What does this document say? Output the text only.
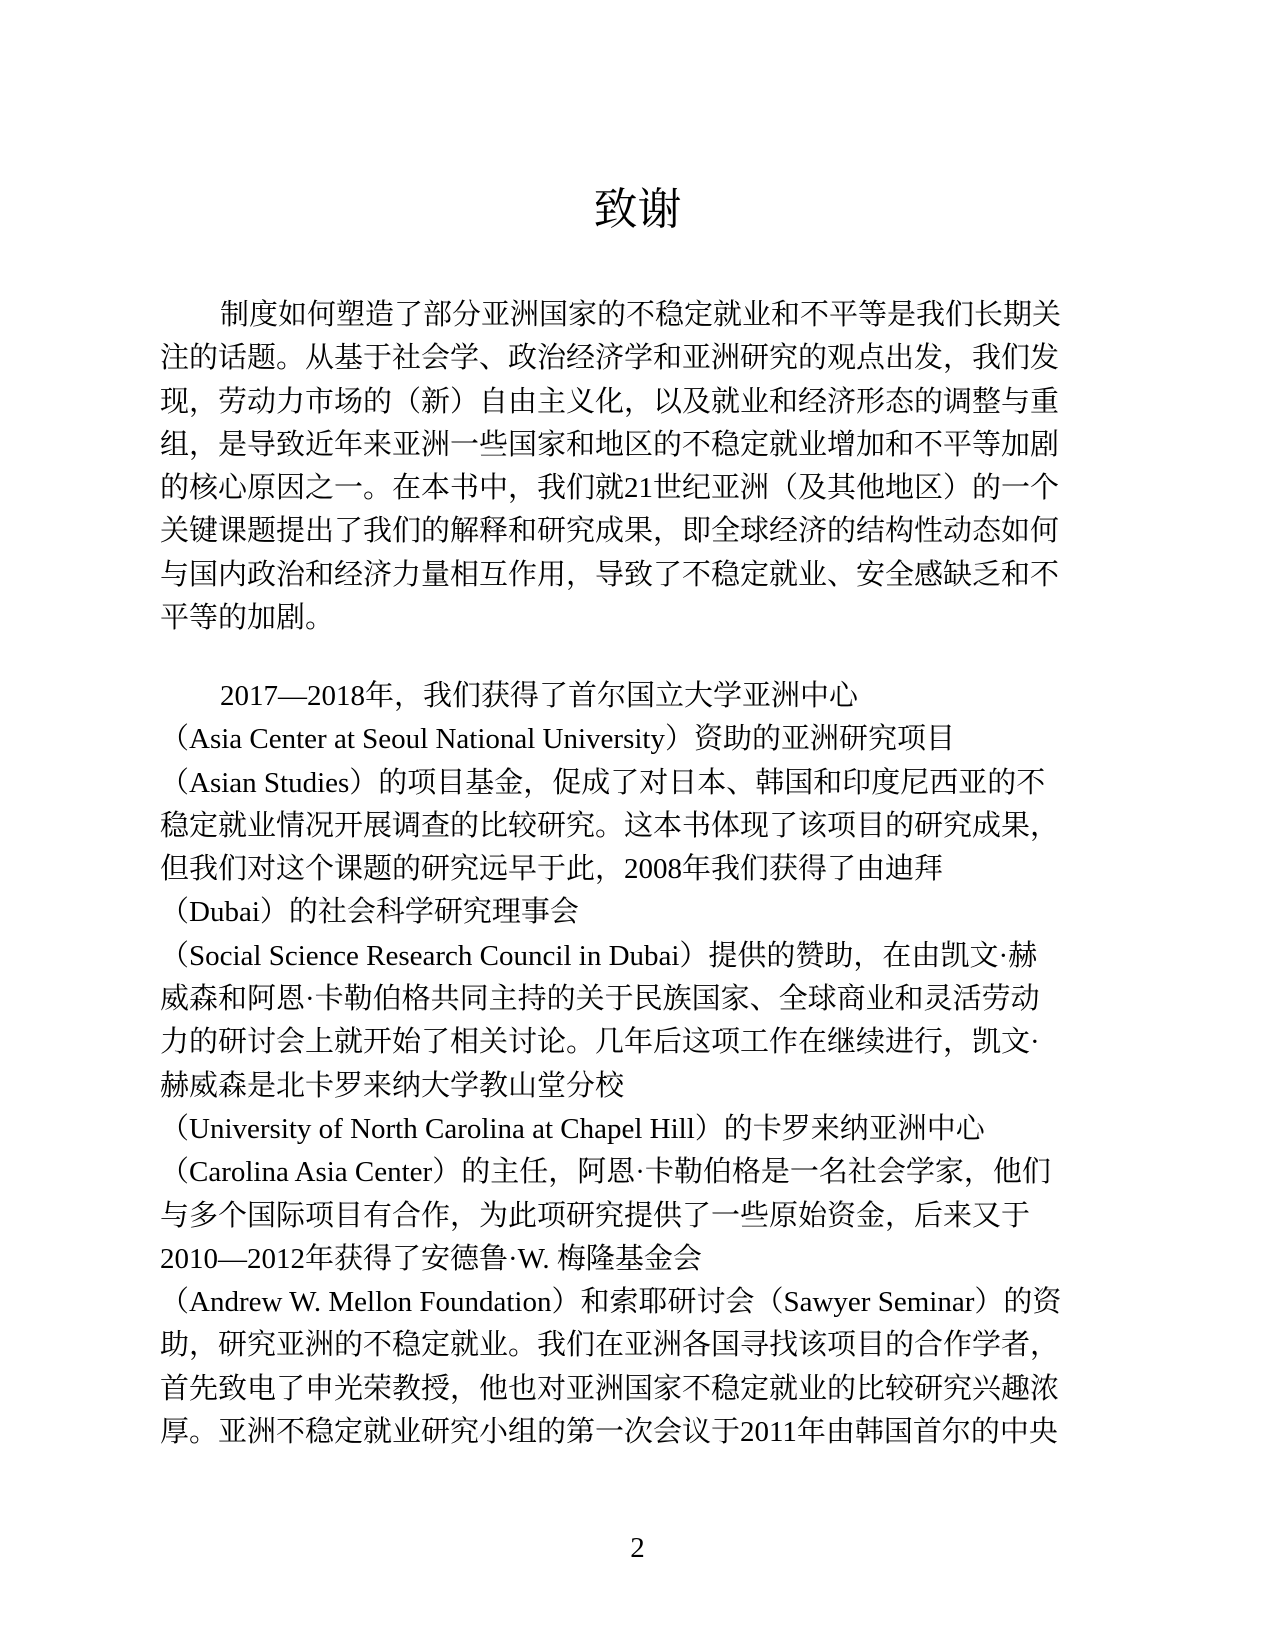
致谢
制度如何塑造了部分亚洲国家的不稳定就业和不平等是我们长期关
注的话题。从基于社会学、政治经济学和亚洲研究的观点出发，我们发
现，劳动力市场的（新）自由主义化，以及就业和经济形态的调整与重
组，是导致近年来亚洲一些国家和地区的不稳定就业增加和不平等加剧
的核心原因之一。在本书中，我们就21世纪亚洲（及其他地区）的一个
关键课题提出了我们的解释和研究成果，即全球经济的结构性动态如何
与国内政治和经济力量相互作用，导致了不稳定就业、安全感缺乏和不
平等的加剧。
2017—2018年，我们获得了首尔国立大学亚洲中心
（Asia Center at Seoul National University）资助的亚洲研究项目
（Asian Studies）的项目基金，促成了对日本、韩国和印度尼西亚的不
稳定就业情况开展调查的比较研究。这本书体现了该项目的研究成果，
但我们对这个课题的研究远早于此，2008年我们获得了由迪拜
（Dubai）的社会科学研究理事会
（Social Science Research Council in Dubai）提供的赞助，在由凯文·赫
威森和阿恩·卡勒伯格共同主持的关于民族国家、全球商业和灵活劳动
力的研讨会上就开始了相关讨论。几年后这项工作在继续进行，凯文·
赫威森是北卡罗来纳大学教山堂分校
（University of North Carolina at Chapel Hill）的卡罗来纳亚洲中心
（Carolina Asia Center）的主任，阿恩·卡勒伯格是一名社会学家，他们
与多个国际项目有合作，为此项研究提供了一些原始资金，后来又于
2010—2012年获得了安德鲁·W. 梅隆基金会
（Andrew W. Mellon Foundation）和索耶研讨会（Sawyer Seminar）的资
助，研究亚洲的不稳定就业。我们在亚洲各国寻找该项目的合作学者，
首先致电了申光荣教授，他也对亚洲国家不稳定就业的比较研究兴趣浓
厚。亚洲不稳定就业研究小组的第一次会议于2011年由韩国首尔的中央
2
